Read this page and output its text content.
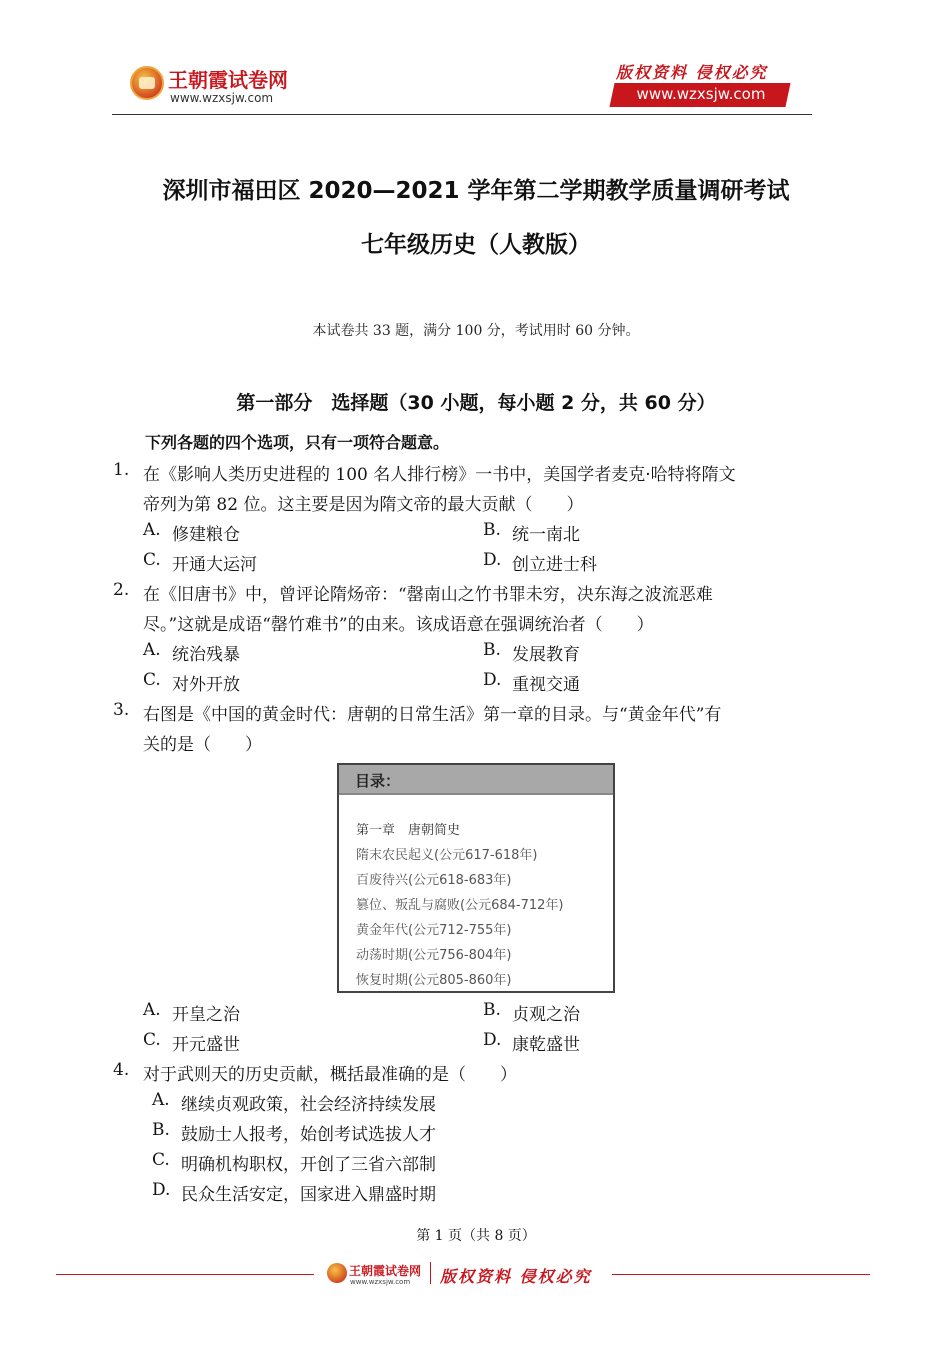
王朝霞试卷网
www.wzxsjw.com
版权资料 侵权必究
www.wzxsjw.com
深圳市福田区 2020—2021 学年第二学期教学质量调研考试
七年级历史（人教版）
本试卷共 33 题，满分 100 分，考试用时 60 分钟。
第一部分　选择题（30 小题，每小题 2 分，共 60 分）
下列各题的四个选项，只有一项符合题意。
1. 在《影响人类历史进程的 100 名人排行榜》一书中，美国学者麦克·哈特将隋文
帝列为第 82 位。这主要是因为隋文帝的最大贡献（　　）
A. 修建粮仓	B. 统一南北
C. 开通大运河	D. 创立进士科
2. 在《旧唐书》中，曾评论隋炀帝：“罄南山之竹书罪未穷，决东海之波流恶难
尽。”这就是成语“罄竹难书”的由来。该成语意在强调统治者（　　）
A. 统治残暴	B. 发展教育
C. 对外开放	D. 重视交通
3. 右图是《中国的黄金时代：唐朝的日常生活》第一章的目录。与“黄金年代”有
关的是（　　）
目录：
第一章　唐朝简史
隋末农民起义(公元617-618年)
百废待兴(公元618-683年)
篡位、叛乱与腐败(公元684-712年)
黄金年代(公元712-755年)
动荡时期(公元756-804年)
恢复时期(公元805-860年)
A. 开皇之治	B. 贞观之治
C. 开元盛世	D. 康乾盛世
4. 对于武则天的历史贡献，概括最准确的是（　　）
A. 继续贞观政策，社会经济持续发展
B. 鼓励士人报考，始创考试选拔人才
C. 明确机构职权，开创了三省六部制
D. 民众生活安定，国家进入鼎盛时期
第 1 页（共 8 页）
王朝霞试卷网
www.wzxsjw.com 版权资料 侵权必究
